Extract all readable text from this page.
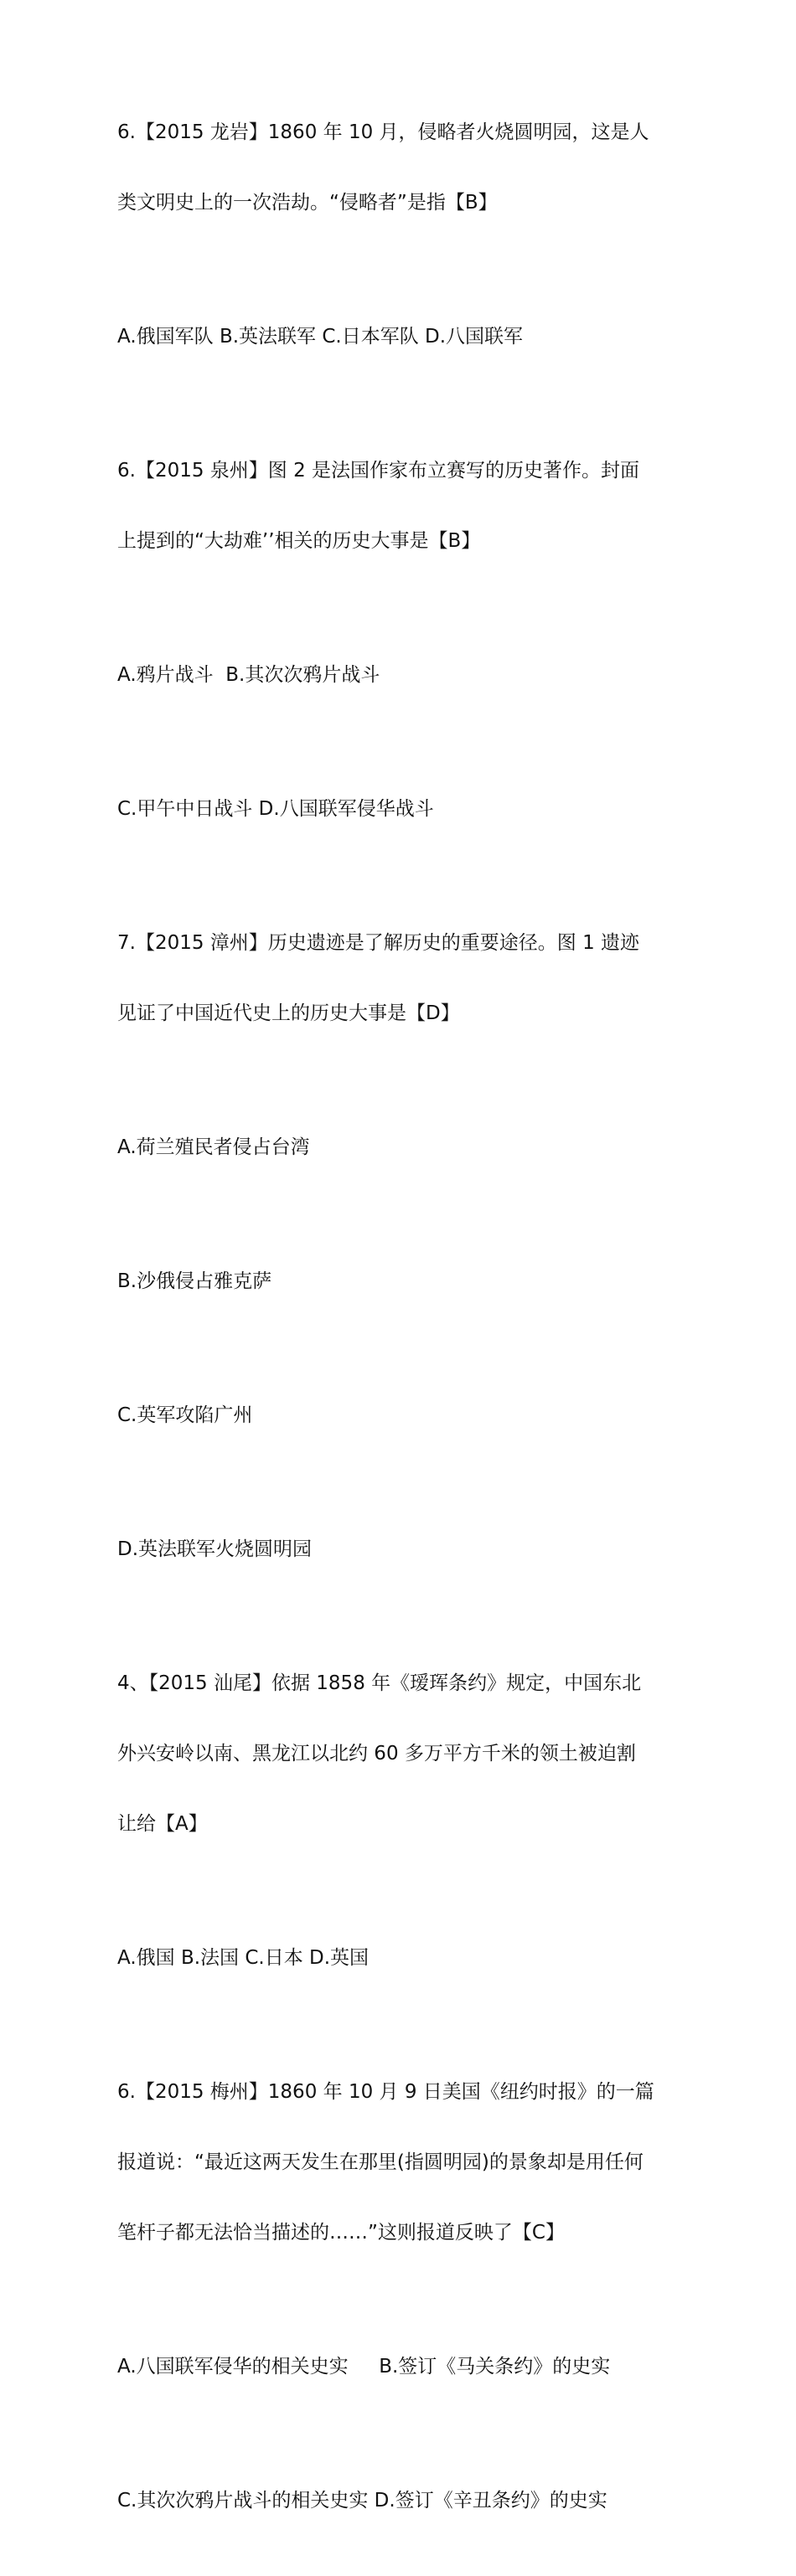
6.【2015 龙岩】1860 年 10 月，侵略者火烧圆明园，这是人

类文明史上的一次浩劫。“侵略者”是指【B】

A.俄国军队 B.英法联军 C.日本军队 D.八国联军

6.【2015 泉州】图 2 是法国作家布立赛写的历史著作。封面

上提到的“大劫难’’相关的历史大事是【B】

A.鸦片战斗  B.其次次鸦片战斗

C.甲午中日战斗 D.八国联军侵华战斗

7.【2015 漳州】历史遗迹是了解历史的重要途径。图 1 遗迹

见证了中国近代史上的历史大事是【D】

A.荷兰殖民者侵占台湾

B.沙俄侵占雅克萨

C.英军攻陷广州

D.英法联军火烧圆明园

4、【2015 汕尾】依据 1858 年《瑷珲条约》规定，中国东北

外兴安岭以南、黑龙江以北约 60 多万平方千米的领土被迫割

让给【A】

A.俄国 B.法国 C.日本 D.英国

6.【2015 梅州】1860 年 10 月 9 日美国《纽约时报》的一篇

报道说：“最近这两天发生在那里(指圆明园)的景象却是用任何

笔杆子都无法恰当描述的……”这则报道反映了【C】

A.八国联军侵华的相关史实     B.签订《马关条约》的史实

C.其次次鸦片战斗的相关史实 D.签订《辛丑条约》的史实
